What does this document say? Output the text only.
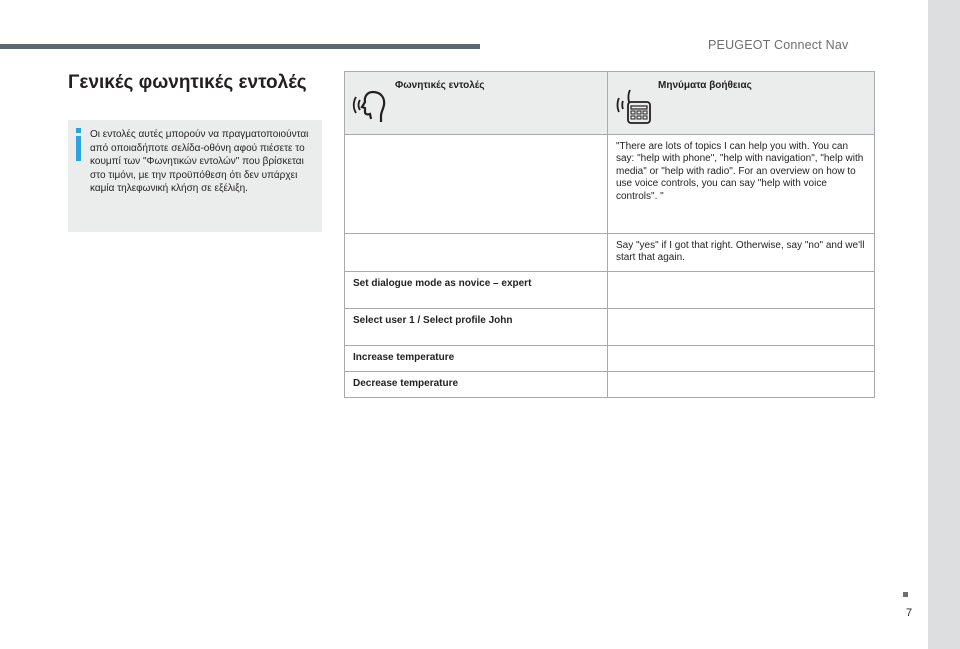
PEUGEOT Connect Nav
7
Γενικές φωνητικές εντολές
Οι εντολές αυτές μπορούν να πραγματοποιούνται από οποιαδήποτε σελίδα-οθόνη αφού πιέσετε το κουμπί των "Φωνητικών εντολών" που βρίσκεται στο τιμόνι, με την προϋπόθεση ότι δεν υπάρχει καμία τηλεφωνική κλήση σε εξέλιξη.
Φωνητικές εντολές	Μηνύματα βοήθειας

	"There are lots of topics I can help you with. You can say: "help with phone", "help with navigation", "help with media" or "help with radio". For an overview on how to use voice controls, you can say "help with voice controls". "
	Say "yes" if I got that right. Otherwise, say "no" and we'll start that again.
Set dialogue mode as novice – expert	
Select user 1 / Select profile John	
Increase temperature	
Decrease temperature	
